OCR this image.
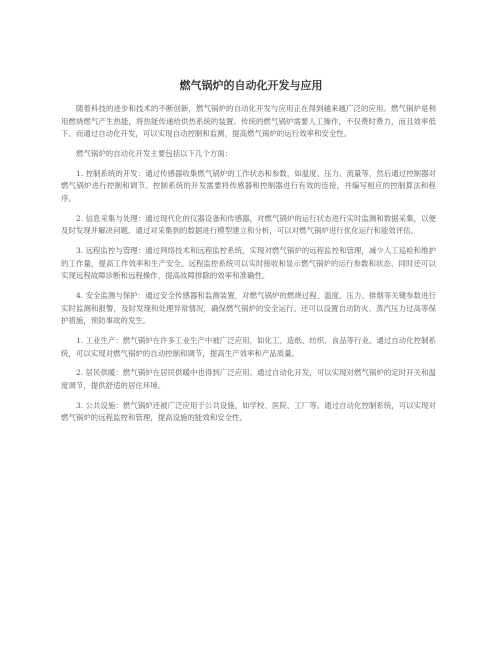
燃气锅炉的自动化开发与应用

随着科技的进步和技术的不断创新，燃气锅炉的自动化开发与应用正在得到越来越广泛的应用。燃气锅炉是利用燃烧燃气产生热能，将热能传递给供热系统的装置。传统的燃气锅炉需要人工操作，不仅费时费力，而且效率低下。而通过自动化开发，可以实现自动控制和监测，提高燃气锅炉的运行效率和安全性。

燃气锅炉的自动化开发主要包括以下几个方面：

1. 控制系统的开发：通过传感器收集燃气锅炉的工作状态和参数，如温度、压力、流量等，然后通过控制器对燃气锅炉进行控制和调节。控制系统的开发需要将传感器和控制器进行有效的连接，并编写相应的控制算法和程序。

2. 信息采集与处理：通过现代化的仪器设备和传感器，对燃气锅炉的运行状态进行实时监测和数据采集，以便及时发现并解决问题。通过对采集到的数据进行模型建立和分析，可以对燃气锅炉进行优化运行和能效评估。

3. 远程监控与管理：通过网络技术和远程监控系统，实现对燃气锅炉的远程监控和管理，减少人工巡检和维护的工作量，提高工作效率和生产安全。远程监控系统可以实时接收和显示燃气锅炉的运行参数和状态，同时还可以实现远程故障诊断和远程操作，提高故障排除的效率和准确性。

4. 安全监测与保护：通过安全传感器和监测装置，对燃气锅炉的燃烧过程、温度、压力、排烟等关键参数进行实时监测和报警，及时发现和处理异常情况，确保燃气锅炉的安全运行。还可以设置自动防火、蒸汽压力过高等保护措施，预防事故的发生。

1. 工业生产：燃气锅炉在许多工业生产中被广泛应用，如化工、造纸、纺织、食品等行业。通过自动化控制系统，可以实现对燃气锅炉的自动控制和调节，提高生产效率和产品质量。

2. 居民供暖：燃气锅炉在居民供暖中也得到广泛应用。通过自动化开发，可以实现对燃气锅炉的定时开关和温度调节，提供舒适的居住环境。

3. 公共设施：燃气锅炉还被广泛应用于公共设施，如学校、医院、工厂等。通过自动化控制系统，可以实现对燃气锅炉的远程监控和管理，提高设施的能效和安全性。
